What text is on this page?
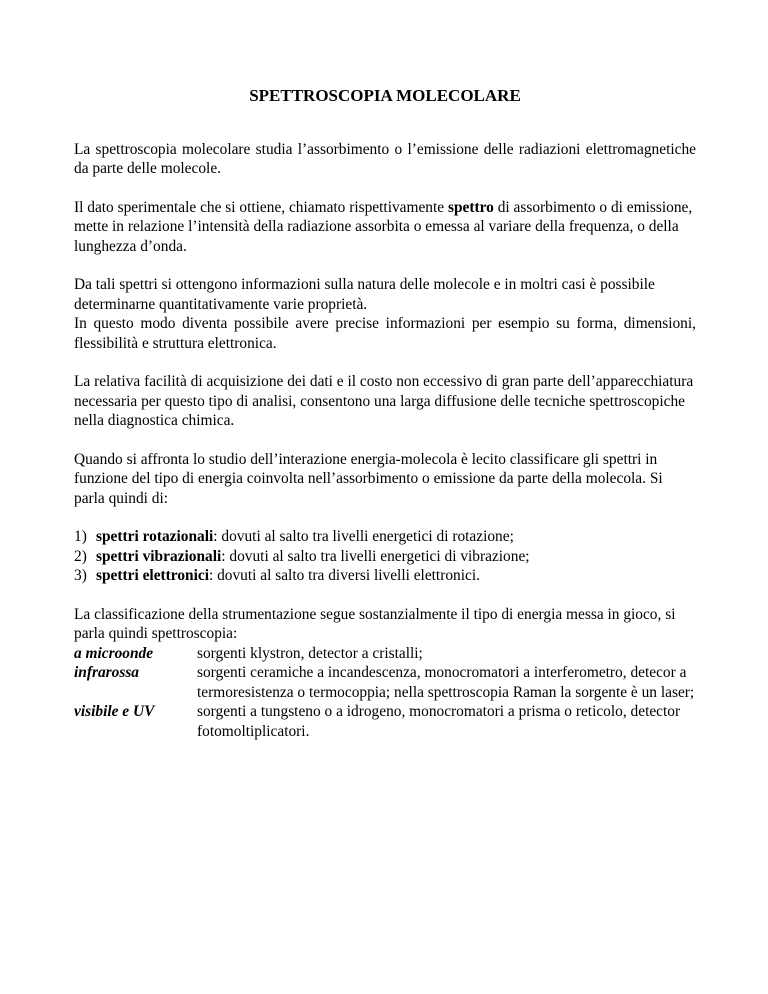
SPETTROSCOPIA MOLECOLARE

La spettroscopia molecolare studia l’assorbimento o l’emissione delle radiazioni elettromagnetiche da parte delle molecole.

Il dato sperimentale che si ottiene, chiamato rispettivamente spettro di assorbimento o di emissione, mette in relazione l’intensità della radiazione assorbita o emessa al variare della frequenza, o della lunghezza d’onda.

Da tali spettri si ottengono informazioni sulla natura delle molecole e in moltri casi è possibile determinarne quantitativamente varie proprietà.

In questo modo diventa possibile avere precise informazioni per esempio su forma, dimensioni, flessibilità e struttura elettronica.

La relativa facilità di acquisizione dei dati e il costo non eccessivo di gran parte dell’apparecchiatura necessaria per questo tipo di analisi, consentono una larga diffusione delle tecniche spettroscopiche nella diagnostica chimica.

Quando si affronta lo studio dell’interazione energia-molecola è lecito classificare gli spettri in funzione del tipo di energia coinvolta nell’assorbimento o emissione da parte della molecola. Si parla quindi di:

1) spettri rotazionali: dovuti al salto tra livelli energetici di rotazione;
2) spettri vibrazionali: dovuti al salto tra livelli energetici di vibrazione;
3) spettri elettronici: dovuti al salto tra diversi livelli elettronici.

La classificazione della strumentazione segue sostanzialmente il tipo di energia messa in gioco, si parla quindi spettroscopia:

a microonde	sorgenti klystron, detector a cristalli;
infrarossa	sorgenti ceramiche a incandescenza, monocromatori a interferometro, detecor a termoresistenza o termocoppia; nella spettroscopia Raman la sorgente è un laser;
visibile e UV	sorgenti a tungsteno o a idrogeno, monocromatori a prisma o reticolo, detector fotomoltiplicatori.
